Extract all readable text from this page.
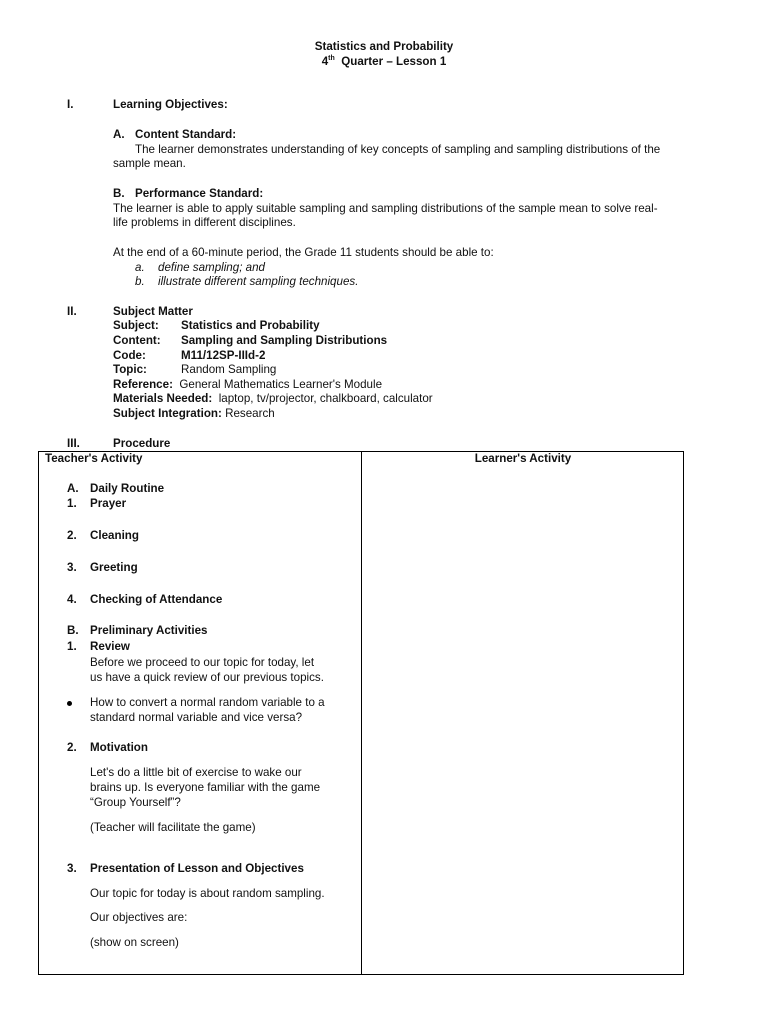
Statistics and Probability
4th Quarter – Lesson 1
I.	Learning Objectives:
A. Content Standard:
The learner demonstrates understanding of key concepts of sampling and sampling distributions of the
sample mean.
B. Performance Standard:
The learner is able to apply suitable sampling and sampling distributions of the sample mean to solve real-
life problems in different disciplines.
At the end of a 60-minute period, the Grade 11 students should be able to:
a. define sampling; and
b. illustrate different sampling techniques.
II.	Subject Matter
Subject: Statistics and Probability
Content: Sampling and Sampling Distributions
Code:	M11/12SP-IIId-2
Topic:	Random Sampling
Reference: General Mathematics Learner's Module
Materials Needed: laptop, tv/projector, chalkboard, calculator
Subject Integration: Research
III.	Procedure
Teacher's Activity	Learner's Activity
A. Daily Routine
1. Prayer
2. Cleaning
3. Greeting
4. Checking of Attendance
B. Preliminary Activities
1. Review
Before we proceed to our topic for today, let
us have a quick review of our previous topics.
How to convert a normal random variable to a
standard normal variable and vice versa?
2. Motivation
Let's do a little bit of exercise to wake our
brains up. Is everyone familiar with the game
“Group Yourself”?
(Teacher will facilitate the game)
3. Presentation of Lesson and Objectives
Our topic for today is about random sampling.
Our objectives are:
(show on screen)
